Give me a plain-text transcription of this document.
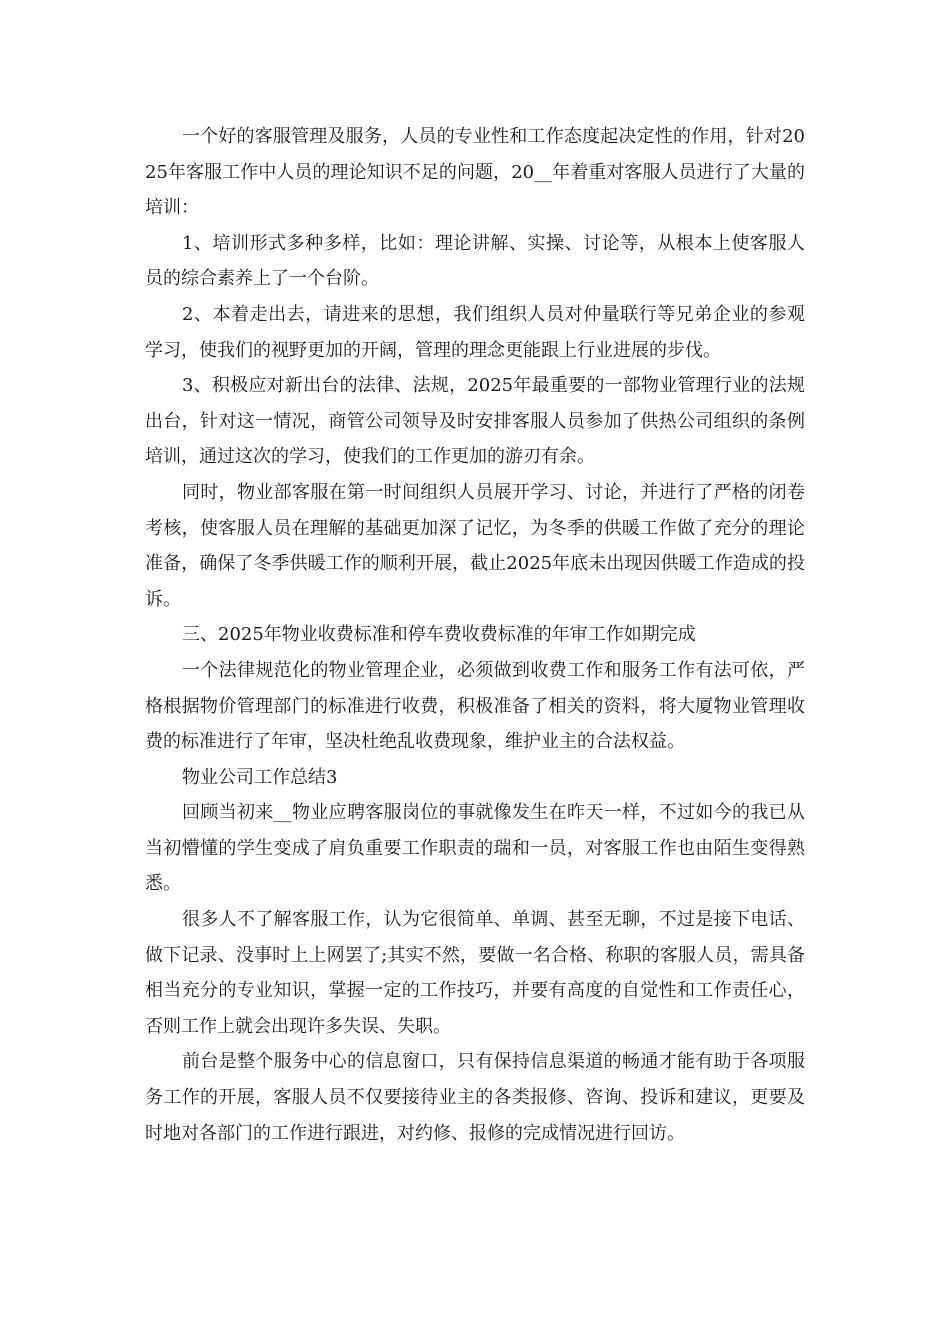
一个好的客服管理及服务，人员的专业性和工作态度起决定性的作用，针对2025年客服工作中人员的理论知识不足的问题，20__年着重对客服人员进行了大量的培训：

1、培训形式多种多样，比如：理论讲解、实操、讨论等，从根本上使客服人员的综合素养上了一个台阶。

2、本着走出去，请进来的思想，我们组织人员对仲量联行等兄弟企业的参观学习，使我们的视野更加的开阔，管理的理念更能跟上行业进展的步伐。

3、积极应对新出台的法律、法规，2025年最重要的一部物业管理行业的法规出台，针对这一情况，商管公司领导及时安排客服人员参加了供热公司组织的条例培训，通过这次的学习，使我们的工作更加的游刃有余。

同时，物业部客服在第一时间组织人员展开学习、讨论，并进行了严格的闭卷考核，使客服人员在理解的基础更加深了记忆，为冬季的供暖工作做了充分的理论准备，确保了冬季供暖工作的顺利开展，截止2025年底未出现因供暖工作造成的投诉。

三、2025年物业收费标准和停车费收费标准的年审工作如期完成

一个法律规范化的物业管理企业，必须做到收费工作和服务工作有法可依，严格根据物价管理部门的标准进行收费，积极准备了相关的资料，将大厦物业管理收费的标准进行了年审，坚决杜绝乱收费现象，维护业主的合法权益。

物业公司工作总结3

回顾当初来__物业应聘客服岗位的事就像发生在昨天一样，不过如今的我已从当初懵懂的学生变成了肩负重要工作职责的瑞和一员，对客服工作也由陌生变得熟悉。

很多人不了解客服工作，认为它很简单、单调、甚至无聊，不过是接下电话、做下记录、没事时上上网罢了;其实不然，要做一名合格、称职的客服人员，需具备相当充分的专业知识，掌握一定的工作技巧，并要有高度的自觉性和工作责任心，否则工作上就会出现许多失误、失职。

前台是整个服务中心的信息窗口，只有保持信息渠道的畅通才能有助于各项服务工作的开展，客服人员不仅要接待业主的各类报修、咨询、投诉和建议，更要及时地对各部门的工作进行跟进，对约修、报修的完成情况进行回访。
